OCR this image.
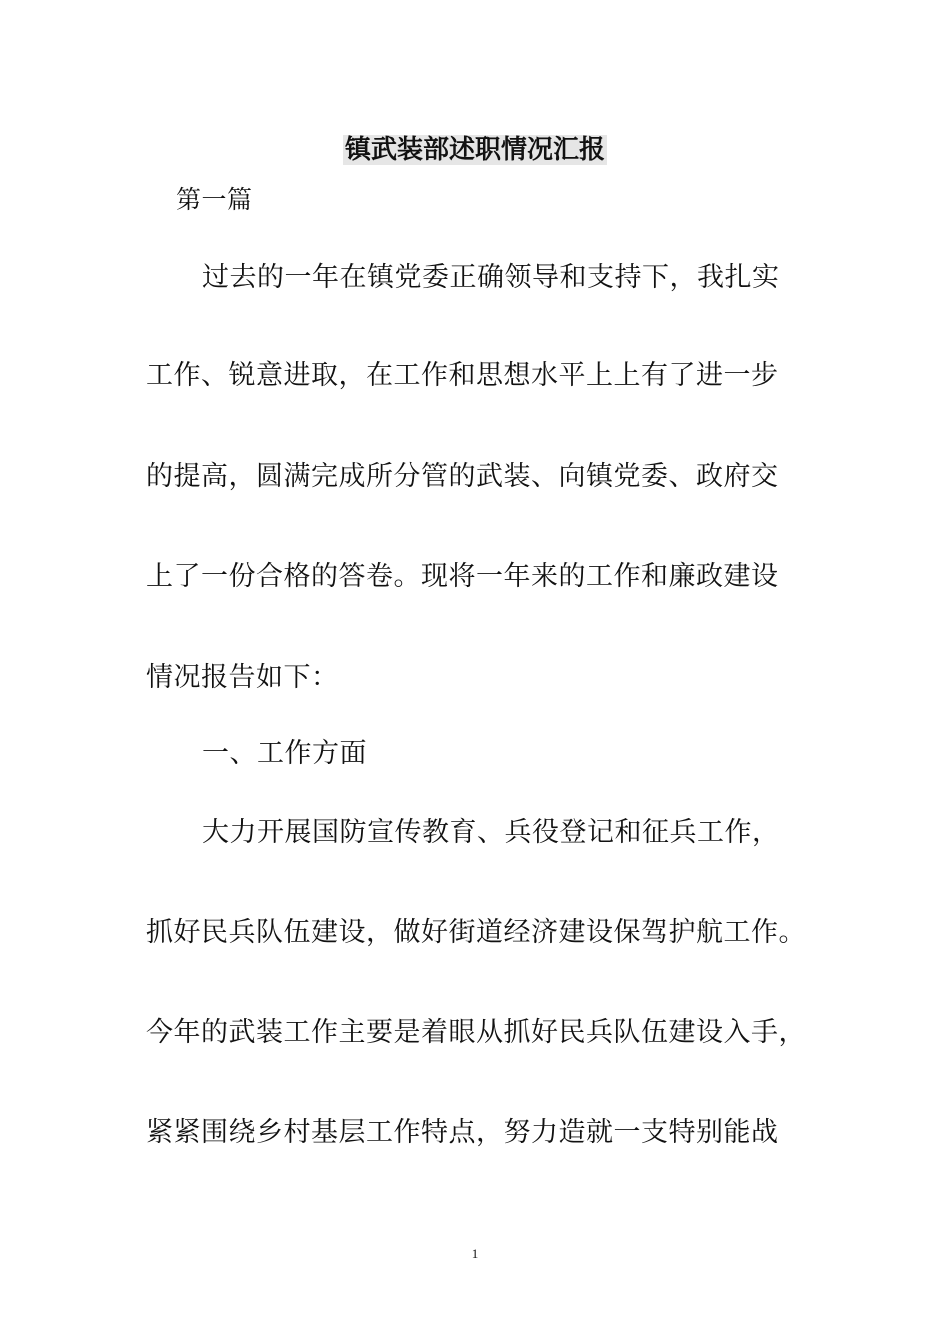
镇武装部述职情况汇报
第一篇
过去的一年在镇党委正确领导和支持下，我扎实
工作、锐意进取，在工作和思想水平上上有了进一步
的提高，圆满完成所分管的武装、向镇党委、政府交
上了一份合格的答卷。现将一年来的工作和廉政建设
情况报告如下：
一、工作方面
大力开展国防宣传教育、兵役登记和征兵工作，
抓好民兵队伍建设，做好街道经济建设保驾护航工作。
今年的武装工作主要是着眼从抓好民兵队伍建设入手，
紧紧围绕乡村基层工作特点，努力造就一支特别能战
1
